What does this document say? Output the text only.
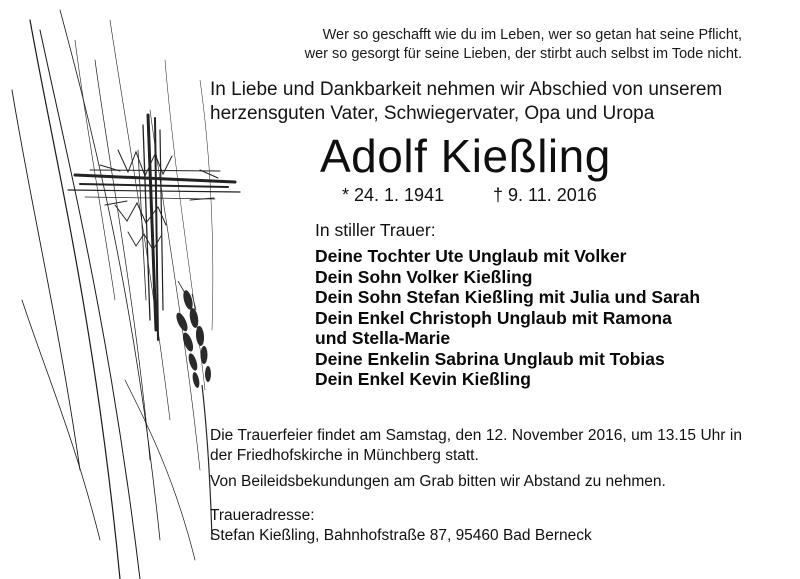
Wer so geschafft wie du im Leben, wer so getan hat seine Pflicht,
wer so gesorgt für seine Lieben, der stirbt auch selbst im Tode nicht.
In Liebe und Dankbarkeit nehmen wir Abschied von unserem
herzensguten Vater, Schwiegervater, Opa und Uropa
Adolf Kießling
* 24. 1. 1941	† 9. 11. 2016
In stiller Trauer:
Deine Tochter Ute Unglaub mit Volker
Dein Sohn Volker Kießling
Dein Sohn Stefan Kießling mit Julia und Sarah
Dein Enkel Christoph Unglaub mit Ramona
und Stella-Marie
Deine Enkelin Sabrina Unglaub mit Tobias
Dein Enkel Kevin Kießling
Die Trauerfeier findet am Samstag, den 12. November 2016, um 13.15 Uhr in der Friedhofskirche in Münchberg statt.
Von Beileidsbekundungen am Grab bitten wir Abstand zu nehmen.
Traueradresse:
Stefan Kießling, Bahnhofstraße 87, 95460 Bad Berneck
